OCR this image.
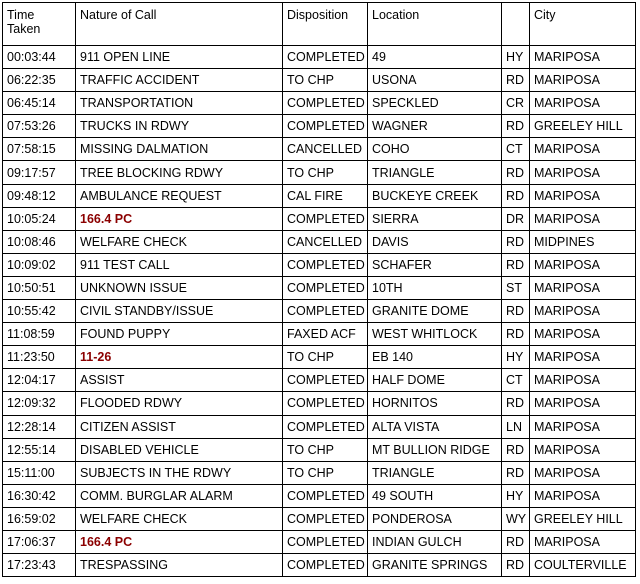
Time
Taken	Nature of Call	Disposition	Location		City
00:03:44	911 OPEN LINE	COMPLETED	49	HY	MARIPOSA
06:22:35	TRAFFIC ACCIDENT	TO CHP	USONA	RD	MARIPOSA
06:45:14	TRANSPORTATION	COMPLETED	SPECKLED	CR	MARIPOSA
07:53:26	TRUCKS IN RDWY	COMPLETED	WAGNER	RD	GREELEY HILL
07:58:15	MISSING DALMATION	CANCELLED	COHO	CT	MARIPOSA
09:17:57	TREE BLOCKING RDWY	TO CHP	TRIANGLE	RD	MARIPOSA
09:48:12	AMBULANCE REQUEST	CAL FIRE	BUCKEYE CREEK	RD	MARIPOSA
10:05:24	166.4 PC	COMPLETED	SIERRA	DR	MARIPOSA
10:08:46	WELFARE CHECK	CANCELLED	DAVIS	RD	MIDPINES
10:09:02	911 TEST CALL	COMPLETED	SCHAFER	RD	MARIPOSA
10:50:51	UNKNOWN ISSUE	COMPLETED	10TH	ST	MARIPOSA
10:55:42	CIVIL STANDBY/ISSUE	COMPLETED	GRANITE DOME	RD	MARIPOSA
11:08:59	FOUND PUPPY	FAXED ACF	WEST WHITLOCK	RD	MARIPOSA
11:23:50	11-26	TO CHP	EB 140	HY	MARIPOSA
12:04:17	ASSIST	COMPLETED	HALF DOME	CT	MARIPOSA
12:09:32	FLOODED RDWY	COMPLETED	HORNITOS	RD	MARIPOSA
12:28:14	CITIZEN ASSIST	COMPLETED	ALTA VISTA	LN	MARIPOSA
12:55:14	DISABLED VEHICLE	TO CHP	MT BULLION RIDGE	RD	MARIPOSA
15:11:00	SUBJECTS IN THE RDWY	TO CHP	TRIANGLE	RD	MARIPOSA
16:30:42	COMM. BURGLAR ALARM	COMPLETED	49 SOUTH	HY	MARIPOSA
16:59:02	WELFARE CHECK	COMPLETED	PONDEROSA	WY	GREELEY HILL
17:06:37	166.4 PC	COMPLETED	INDIAN GULCH	RD	MARIPOSA
17:23:43	TRESPASSING	COMPLETED	GRANITE SPRINGS	RD	COULTERVILLE
